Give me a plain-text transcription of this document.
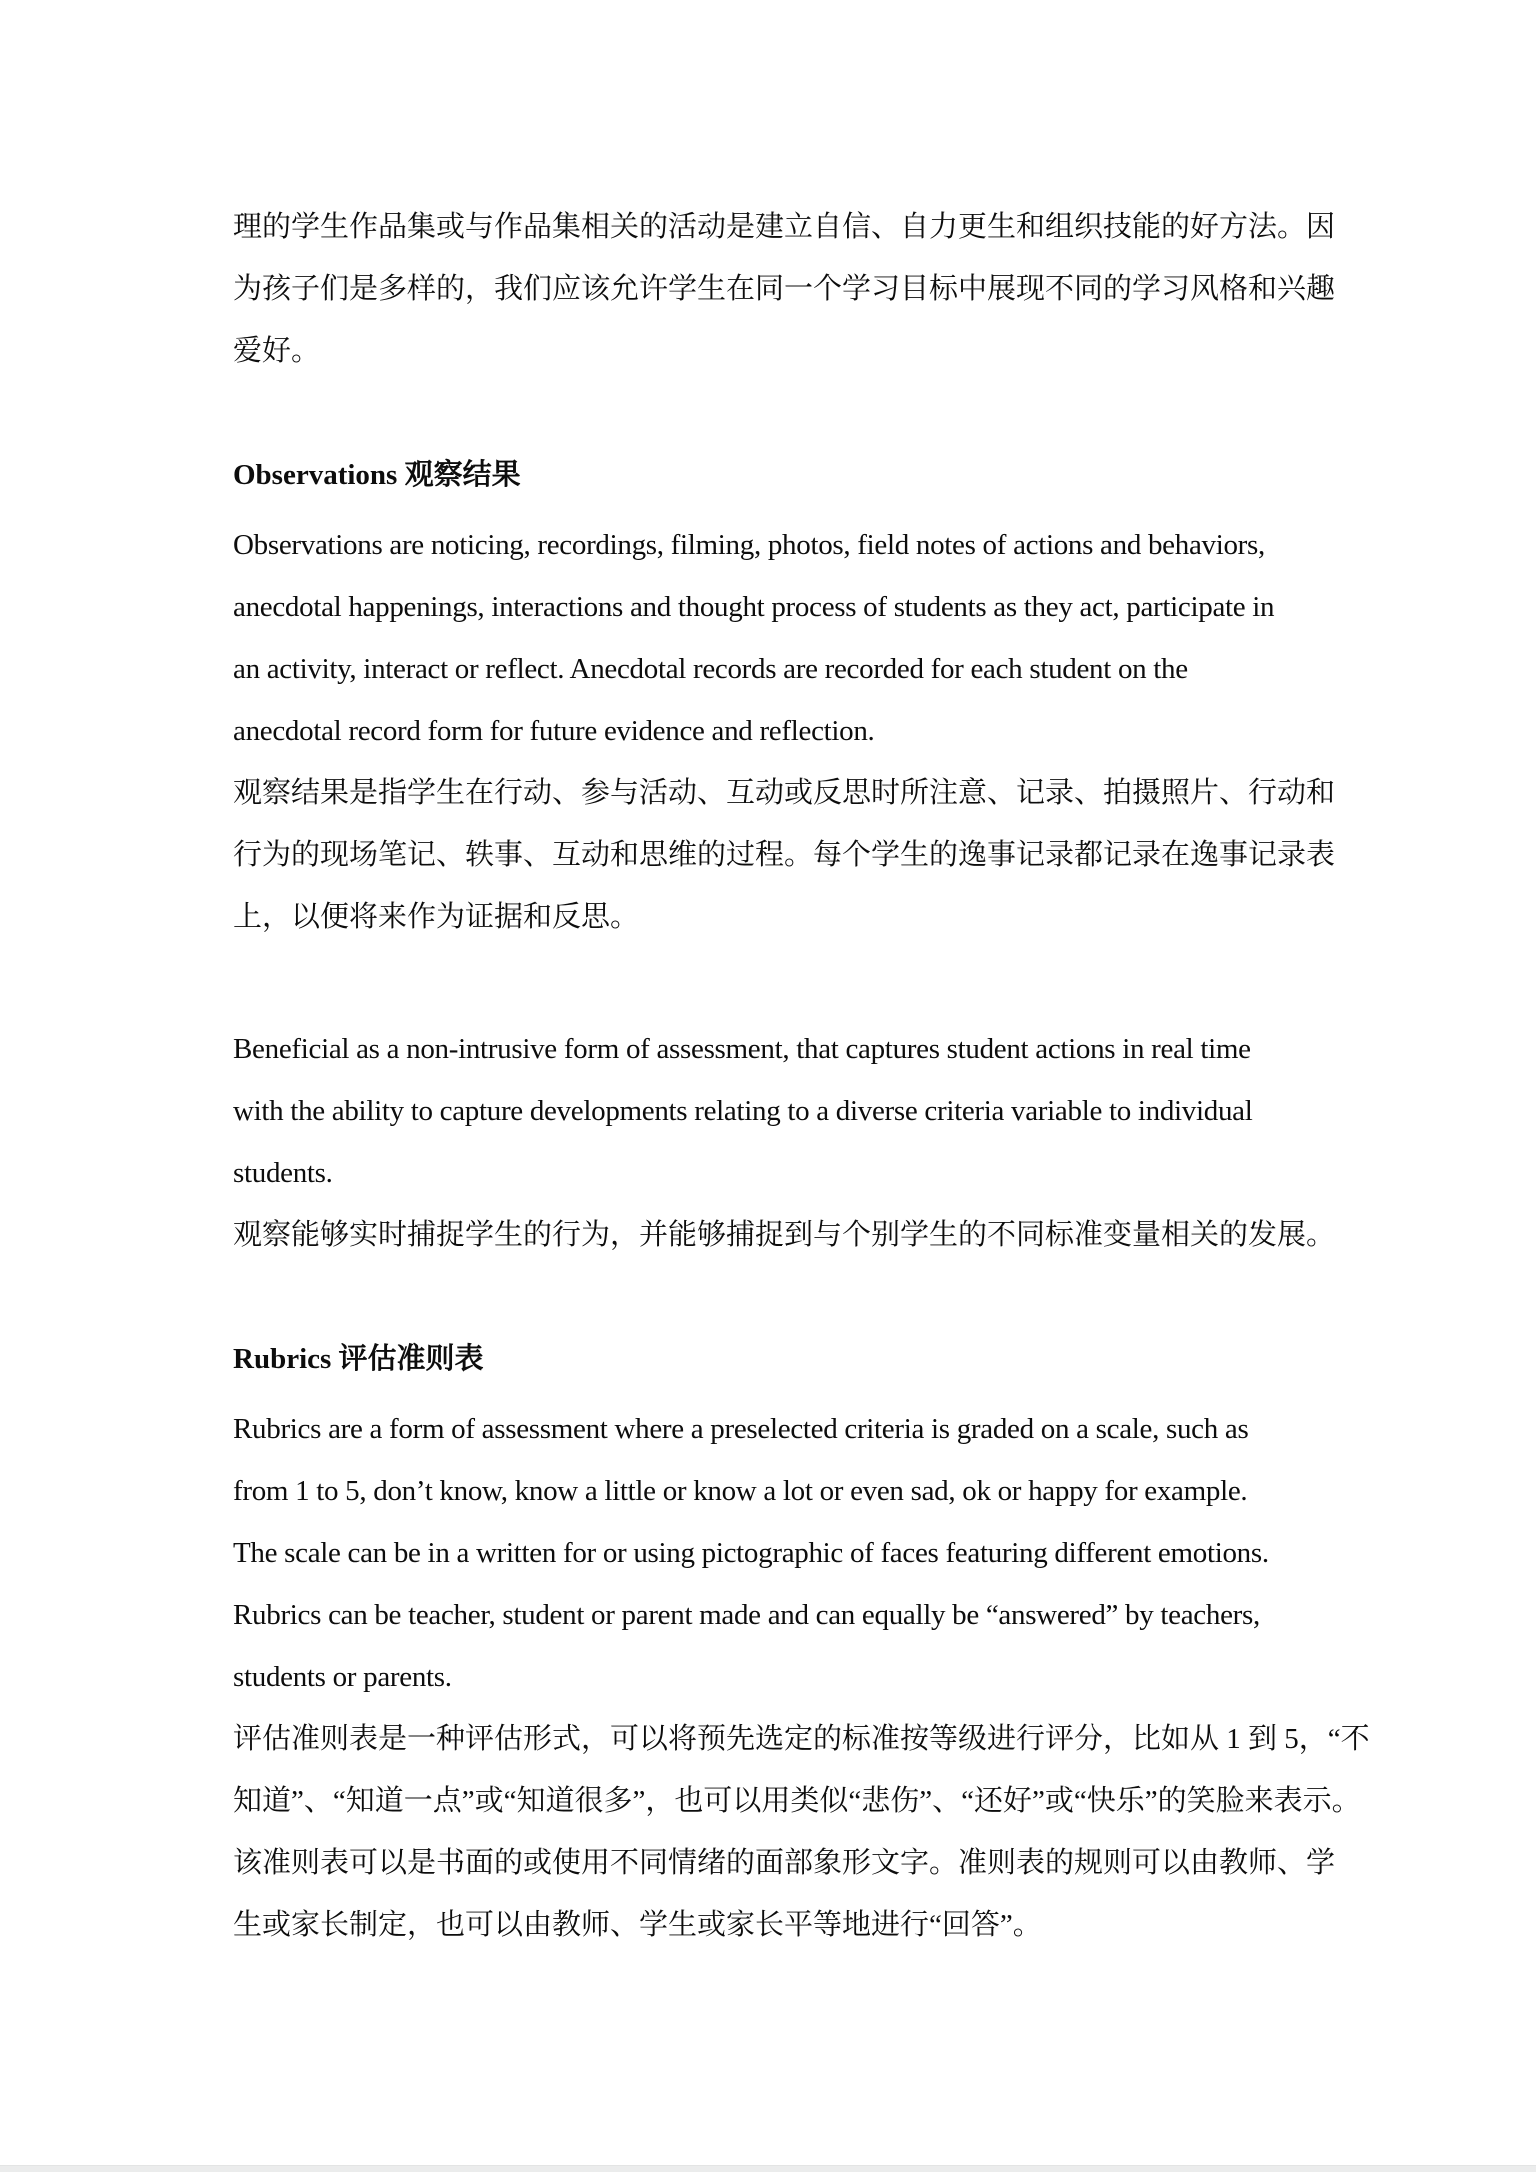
理的学生作品集或与作品集相关的活动是建立自信、自力更生和组织技能的好方法。因
为孩子们是多样的，我们应该允许学生在同一个学习目标中展现不同的学习风格和兴趣
爱好。
Observations 观察结果
Observations are noticing, recordings, filming, photos, field notes of actions and behaviors,
anecdotal happenings, interactions and thought process of students as they act, participate in
an activity, interact or reflect. Anecdotal records are recorded for each student on the
anecdotal record form for future evidence and reflection.
观察结果是指学生在行动、参与活动、互动或反思时所注意、记录、拍摄照片、行动和
行为的现场笔记、轶事、互动和思维的过程。每个学生的逸事记录都记录在逸事记录表
上，以便将来作为证据和反思。
Beneficial as a non-intrusive form of assessment, that captures student actions in real time
with the ability to capture developments relating to a diverse criteria variable to individual
students.
观察能够实时捕捉学生的行为，并能够捕捉到与个别学生的不同标准变量相关的发展。
Rubrics 评估准则表
Rubrics are a form of assessment where a preselected criteria is graded on a scale, such as
from 1 to 5, don’t know, know a little or know a lot or even sad, ok or happy for example.
The scale can be in a written for or using pictographic of faces featuring different emotions.
Rubrics can be teacher, student or parent made and can equally be “answered” by teachers,
students or parents.
评估准则表是一种评估形式，可以将预先选定的标准按等级进行评分，比如从 1 到 5，“不
知道”、“知道一点”或“知道很多”，也可以用类似“悲伤”、“还好”或“快乐”的笑脸来表示。
该准则表可以是书面的或使用不同情绪的面部象形文字。准则表的规则可以由教师、学
生或家长制定，也可以由教师、学生或家长平等地进行“回答”。
